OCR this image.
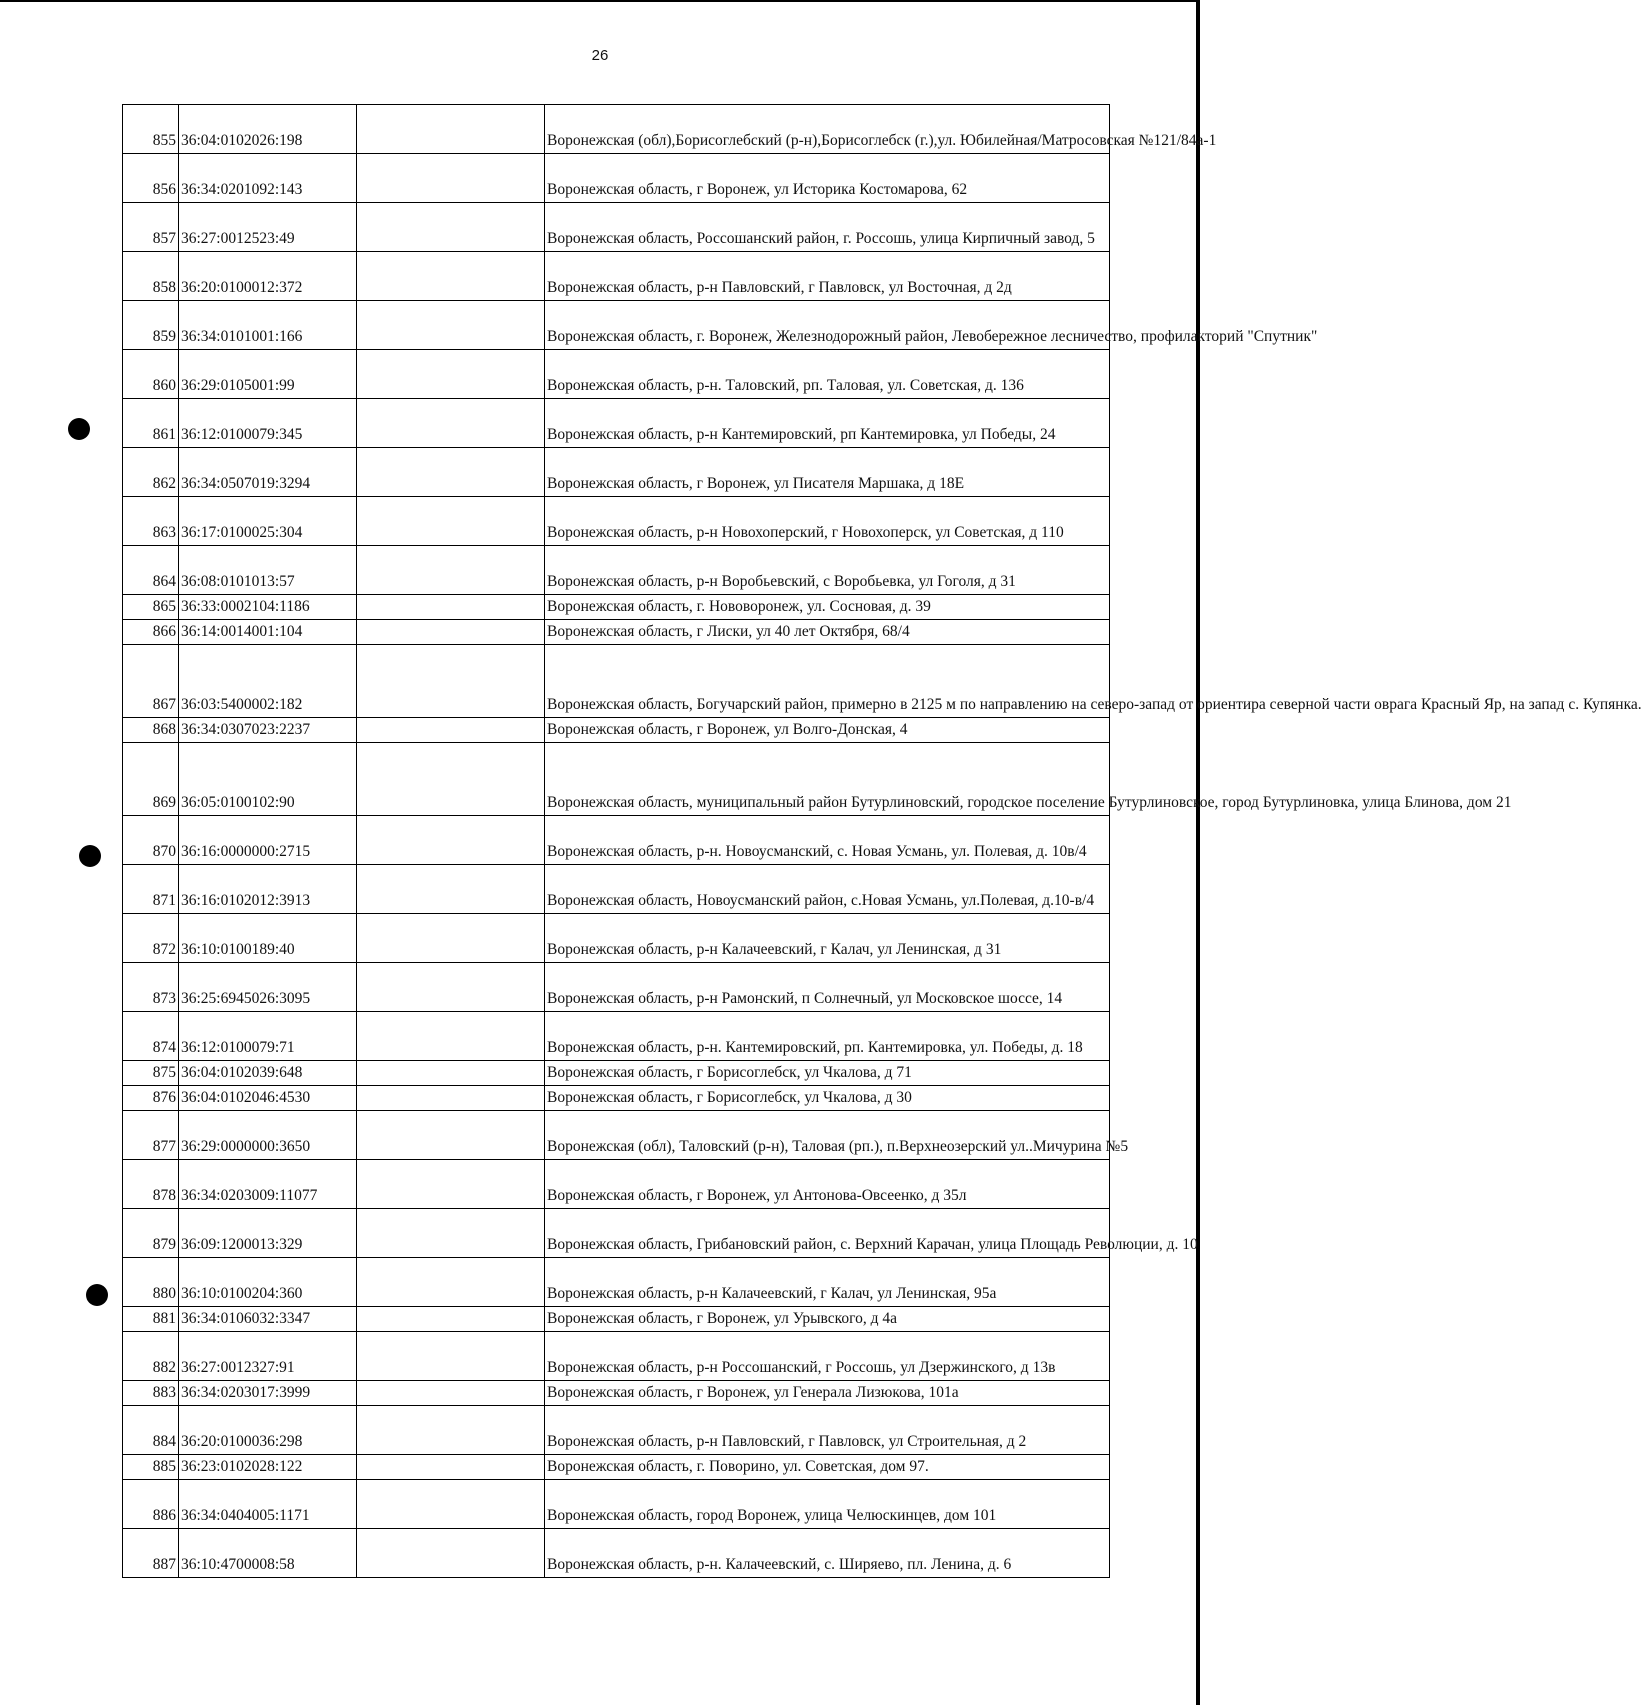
26
855	36:04:0102026:198		Воронежская (обл),Борисоглебский (р-н),Борисоглебск (г.),ул. Юбилейная/Матросовская №121/84а-1
856	36:34:0201092:143		Воронежская область, г Воронеж, ул Историка Костомарова, 62
857	36:27:0012523:49		Воронежская область, Россошанский район, г. Россошь, улица Кирпичный завод, 5
858	36:20:0100012:372		Воронежская область, р-н Павловский, г Павловск, ул Восточная, д 2д
859	36:34:0101001:166		Воронежская область, г. Воронеж, Железнодорожный район, Левобережное лесничество, профилакторий "Спутник"
860	36:29:0105001:99		Воронежская область, р-н. Таловский, рп. Таловая, ул. Советская, д. 136
861	36:12:0100079:345		Воронежская область, р-н Кантемировский, рп Кантемировка, ул Победы, 24
862	36:34:0507019:3294		Воронежская область, г Воронеж, ул Писателя Маршака, д 18Е
863	36:17:0100025:304		Воронежская область, р-н Новохоперский, г Новохоперск, ул Советская, д 110
864	36:08:0101013:57		Воронежская область, р-н Воробьевский, с Воробьевка, ул Гоголя, д 31
865	36:33:0002104:1186		Воронежская область, г. Нововоронеж, ул. Сосновая, д. 39
866	36:14:0014001:104		Воронежская область, г Лиски, ул 40 лет Октября, 68/4
867	36:03:5400002:182		Воронежская область, Богучарский район, примерно в 2125 м по направлению на северо-запад от ориентира северной части оврага Красный Яр, на запад с. Купянка.
868	36:34:0307023:2237		Воронежская область, г Воронеж, ул Волго-Донская, 4
869	36:05:0100102:90		Воронежская область, муниципальный район Бутурлиновский, городское поселение Бутурлиновское, город Бутурлиновка, улица Блинова, дом 21
870	36:16:0000000:2715		Воронежская область, р-н. Новоусманский, с. Новая Усмань, ул. Полевая, д. 10в/4
871	36:16:0102012:3913		Воронежская область, Новоусманский район, с.Новая Усмань, ул.Полевая, д.10-в/4
872	36:10:0100189:40		Воронежская область, р-н Калачеевский, г Калач, ул Ленинская, д 31
873	36:25:6945026:3095		Воронежская область, р-н Рамонский, п Солнечный, ул Московское шоссе, 14
874	36:12:0100079:71		Воронежская область, р-н. Кантемировский, рп. Кантемировка, ул. Победы, д. 18
875	36:04:0102039:648		Воронежская область, г Борисоглебск, ул Чкалова, д 71
876	36:04:0102046:4530		Воронежская область, г Борисоглебск, ул Чкалова, д 30
877	36:29:0000000:3650		Воронежская (обл), Таловский (р-н), Таловая (рп.), п.Верхнеозерский ул..Мичурина №5
878	36:34:0203009:11077		Воронежская область, г Воронеж, ул Антонова-Овсеенко, д 35л
879	36:09:1200013:329		Воронежская область, Грибановский район, с. Верхний Карачан, улица Площадь Революции, д. 10
880	36:10:0100204:360		Воронежская область, р-н Калачеевский, г Калач, ул Ленинская, 95а
881	36:34:0106032:3347		Воронежская область, г Воронеж, ул Урывского, д 4а
882	36:27:0012327:91		Воронежская область, р-н Россошанский, г Россошь, ул Дзержинского, д 13в
883	36:34:0203017:3999		Воронежская область, г Воронеж, ул Генерала Лизюкова, 101а
884	36:20:0100036:298		Воронежская область, р-н Павловский, г Павловск, ул Строительная, д 2
885	36:23:0102028:122		Воронежская область, г. Поворино, ул. Советская, дом 97.
886	36:34:0404005:1171		Воронежская область, город Воронеж, улица Челюскинцев, дом 101
887	36:10:4700008:58		Воронежская область, р-н. Калачеевский, с. Ширяево, пл. Ленина, д. 6
